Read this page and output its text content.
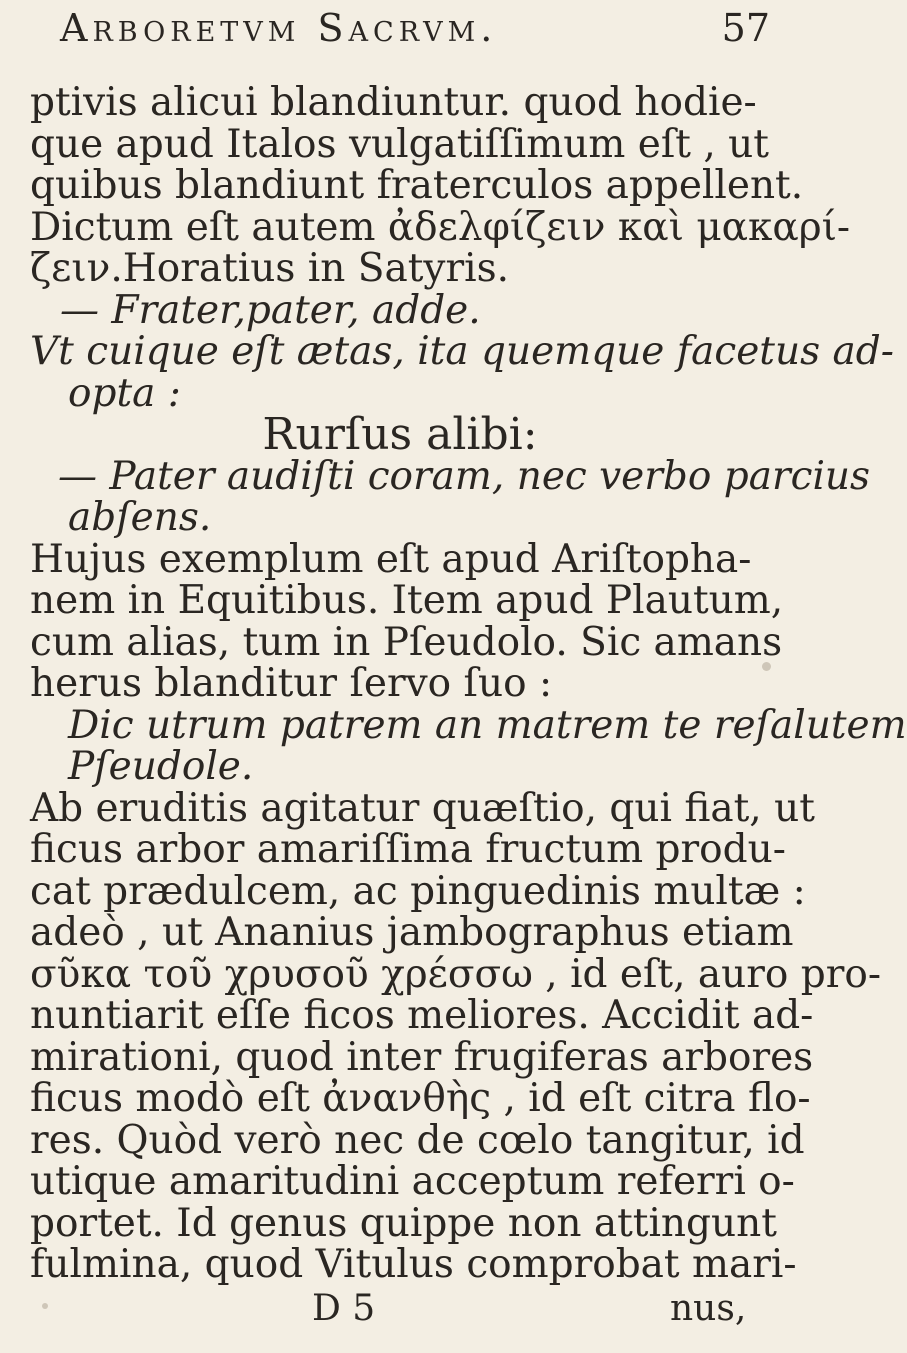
Arboretvm Sacrvm.	57
D 5	nus,
ptivis alicui blandiuntur. quod hodie-
que apud Italos vulgatiſſimum eſt , ut
quibus blandiunt fraterculos appellent.
Dictum eſt autem ἀδελφίζειν καὶ μακαρί-
ζειν.Horatius in Satyris.
— Frater,pater, adde.
Vt cuique eſt ætas, ita quemque facetus ad-
opta :
Rurſus alibi:
— Pater audiſti coram, nec verbo parcius
abſens.
Hujus exemplum eſt apud Ariſtopha-
nem in Equitibus. Item apud Plautum,
cum alias, tum in Pſeudolo. Sic amans
herus blanditur ſervo ſuo :
Dic utrum patrem an matrem te reſalutem
Pſeudole.
Ab eruditis agitatur quæſtio, qui fiat, ut
ficus arbor amariſſima fructum produ-
cat prædulcem, ac pinguedinis multæ :
adeò , ut Ananius jambographus etiam
σῦκα τοῦ χρυσοῦ χρέσσω , id eſt, auro pro-
nuntiarit eſſe ficos meliores. Accidit ad-
mirationi, quod inter frugiferas arbores
ficus modò eſt ἀνανθὴς , id eſt citra flo-
res. Quòd verò nec de cœlo tangitur, id
utique amaritudini acceptum referri o-
portet. Id genus quippe non attingunt
fulmina, quod Vitulus comprobat mari-
